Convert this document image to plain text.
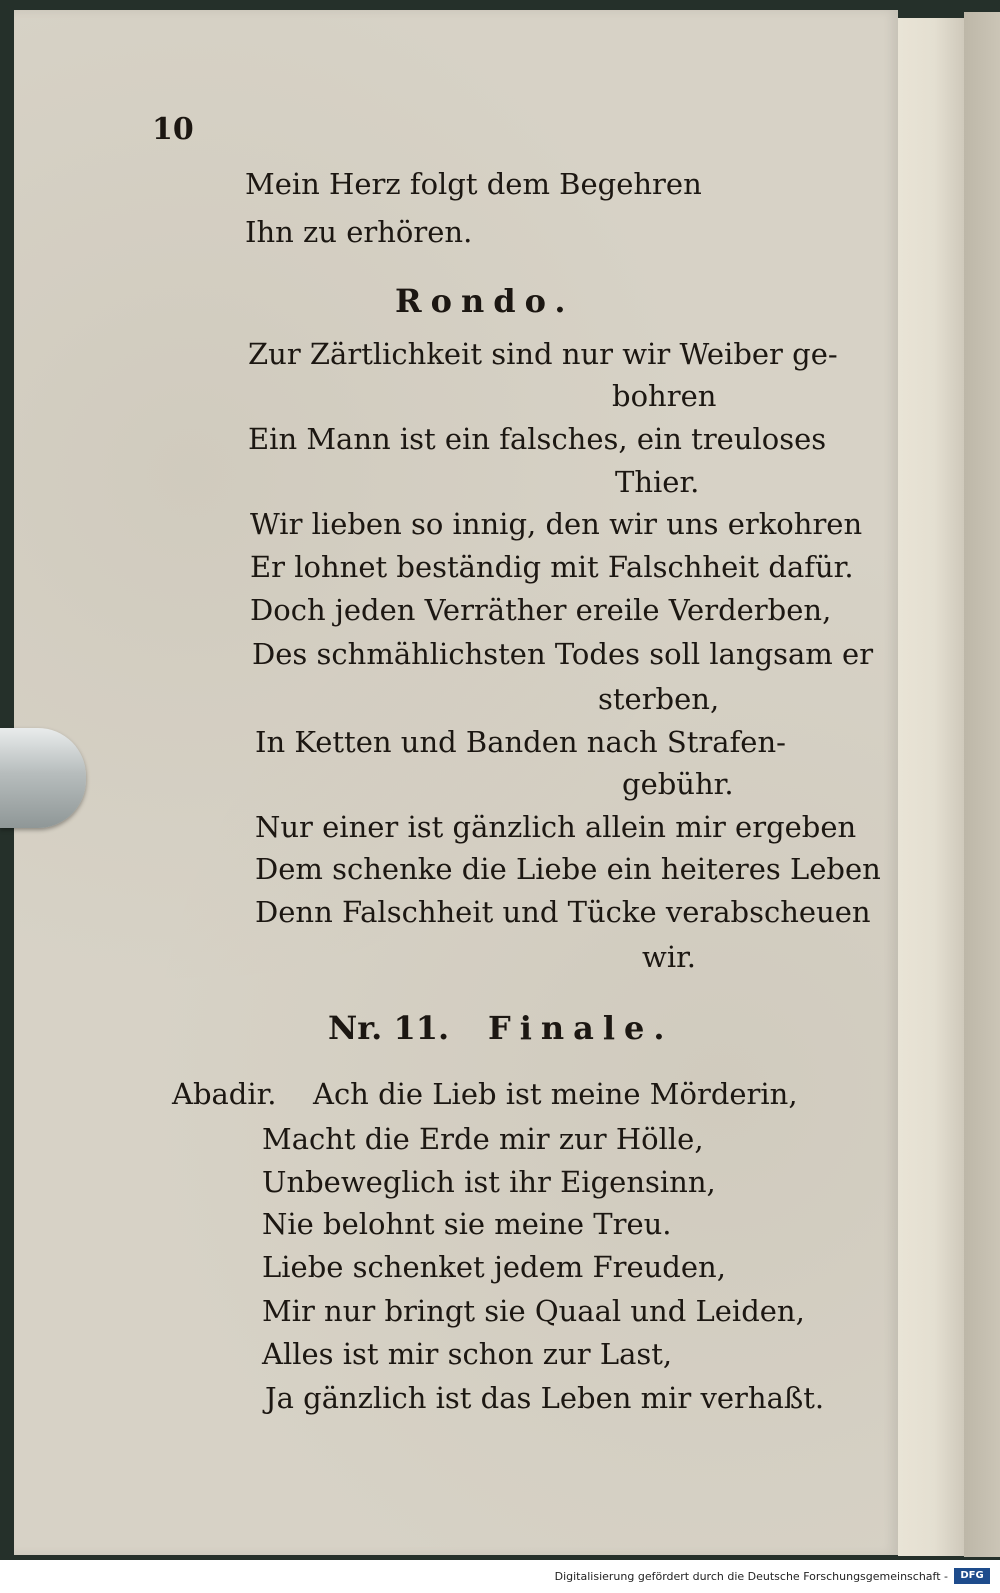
10
Mein Herz folgt dem Begehren
Ihn zu erhören.
Rondo.
Zur Zärtlichkeit sind nur wir Weiber ge-
bohren
Ein Mann ist ein falsches, ein treuloses
Thier.
Wir lieben so innig, den wir uns erkohren
Er lohnet beständig mit Falschheit dafür.
Doch jeden Verräther ereile Verderben,
Des schmählichsten Todes soll langsam er
sterben,
In Ketten und Banden nach Strafen-
gebühr.
Nur einer ist gänzlich allein mir ergeben
Dem schenke die Liebe ein heiteres Leben
Denn Falschheit und Tücke verabscheuen
wir.
Nr. 11. Finale.
Abadir. Ach die Lieb ist meine Mörderin,
Macht die Erde mir zur Hölle,
Unbeweglich ist ihr Eigensinn,
Nie belohnt sie meine Treu.
Liebe schenket jedem Freuden,
Mir nur bringt sie Quaal und Leiden,
Alles ist mir schon zur Last,
Ja gänzlich ist das Leben mir verhaßt.
Digitalisierung gefördert durch die Deutsche Forschungsgemeinschaft -	DFG
